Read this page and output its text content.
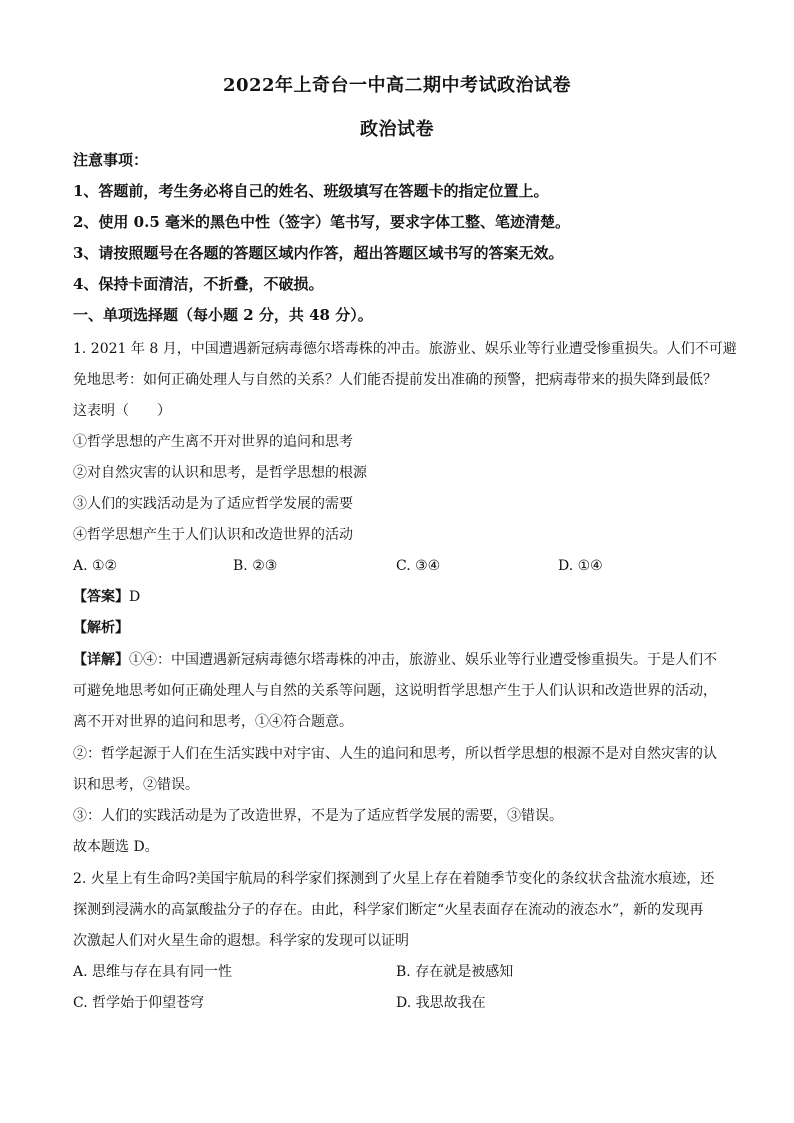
2022年上奇台一中高二期中考试政治试卷
政治试卷
注意事项：
1、答题前，考生务必将自己的姓名、班级填写在答题卡的指定位置上。
2、使用 0.5 毫米的黑色中性（签字）笔书写，要求字体工整、笔迹清楚。
3、请按照题号在各题的答题区域内作答，超出答题区域书写的答案无效。
4、保持卡面清洁，不折叠，不破损。
一、单项选择题（每小题 2 分，共 48 分）。
1. 2021 年 8 月，中国遭遇新冠病毒德尔塔毒株的冲击。旅游业、娱乐业等行业遭受惨重损失。人们不可避
免地思考：如何正确处理人与自然的关系？人们能否提前发出准确的预警，把病毒带来的损失降到最低？
这表明（　　）
①哲学思想的产生离不开对世界的追问和思考
②对自然灾害的认识和思考，是哲学思想的根源
③人们的实践活动是为了适应哲学发展的需要
④哲学思想产生于人们认识和改造世界的活动
A. ①②	B. ②③	C. ③④	D. ①④
【答案】D
【解析】
【详解】①④：中国遭遇新冠病毒德尔塔毒株的冲击，旅游业、娱乐业等行业遭受惨重损失。于是人们不
可避免地思考如何正确处理人与自然的关系等问题，这说明哲学思想产生于人们认识和改造世界的活动，
离不开对世界的追问和思考，①④符合题意。
②：哲学起源于人们在生活实践中对宇宙、人生的追问和思考，所以哲学思想的根源不是对自然灾害的认
识和思考，②错误。
③：人们的实践活动是为了改造世界，不是为了适应哲学发展的需要，③错误。
故本题选 D。
2. 火星上有生命吗?美国宇航局的科学家们探测到了火星上存在着随季节变化的条纹状含盐流水痕迹，还
探测到浸满水的高氯酸盐分子的存在。由此，科学家们断定“火星表面存在流动的液态水”，新的发现再
次激起人们对火星生命的遐想。科学家的发现可以证明
A. 思维与存在具有同一性	B. 存在就是被感知
C. 哲学始于仰望苍穹	D. 我思故我在
